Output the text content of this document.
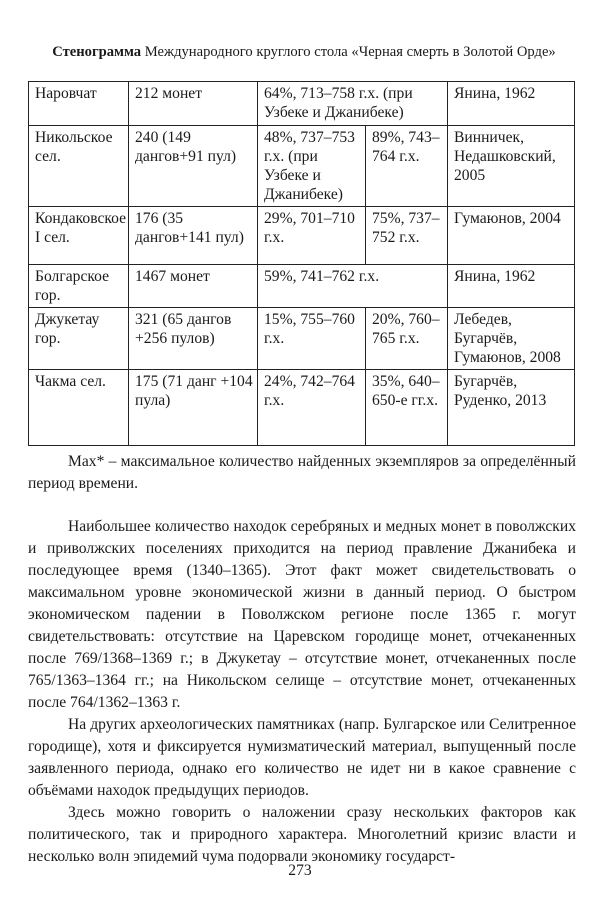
Стенограмма Международного круглого стола «Черная смерть в Золотой Орде»
Наровчат	212 монет	64%, 713–758 г.х. (при Узбеке и Джанибеке)		Янина, 1962
Никольское сел.	240 (149 дангов+91 пул)	48%, 737–753 г.х. (при Узбеке и Джанибеке)	89%, 743–764 г.х.	Винничек, Недашковский, 2005
Кондаковское I сел.	176 (35 дангов+141 пул)	29%, 701–710 г.х.	75%, 737–752 г.х.	Гумаюнов, 2004
Болгарское гор.	1467 монет	59%, 741–762 г.х.		Янина, 1962
Джукетау гор.	321 (65 дангов +256 пулов)	15%, 755–760 г.х.	20%, 760–765 г.х.	Лебедев, Бугарчёв, Гумаюнов, 2008
Чакма сел.	175 (71 данг +104 пула)	24%, 742–764 г.х.	35%, 640–650-е гг.х.	Бугарчёв, Руденко, 2013

Max* – максимальное количество найденных экземпляров за определённый период времени.

Наибольшее количество находок серебряных и медных монет в поволжских и приволжских поселениях приходится на период правление Джанибека и последующее время (1340–1365). Этот факт может свидетельствовать о максимальном уровне экономической жизни в данный период. О быстром экономическом падении в Поволжском регионе после 1365 г. могут свидетельствовать: отсутствие на Царевском городище монет, отчеканенных после 769/1368–1369 г.; в Джукетау – отсутствие монет, отчеканенных после 765/1363–1364 гг.; на Никольском селище – отсутствие монет, отчеканенных после 764/1362–1363 г.

На других археологических памятниках (напр. Булгарское или Селитренное городище), хотя и фиксируется нумизматический материал, выпущенный после заявленного периода, однако его количество не идет ни в какое сравнение с объёмами находок предыдущих периодов.

Здесь можно говорить о наложении сразу нескольких факторов как политического, так и природного характера. Многолетний кризис власти и несколько волн эпидемий чума подорвали экономику государст-

273
